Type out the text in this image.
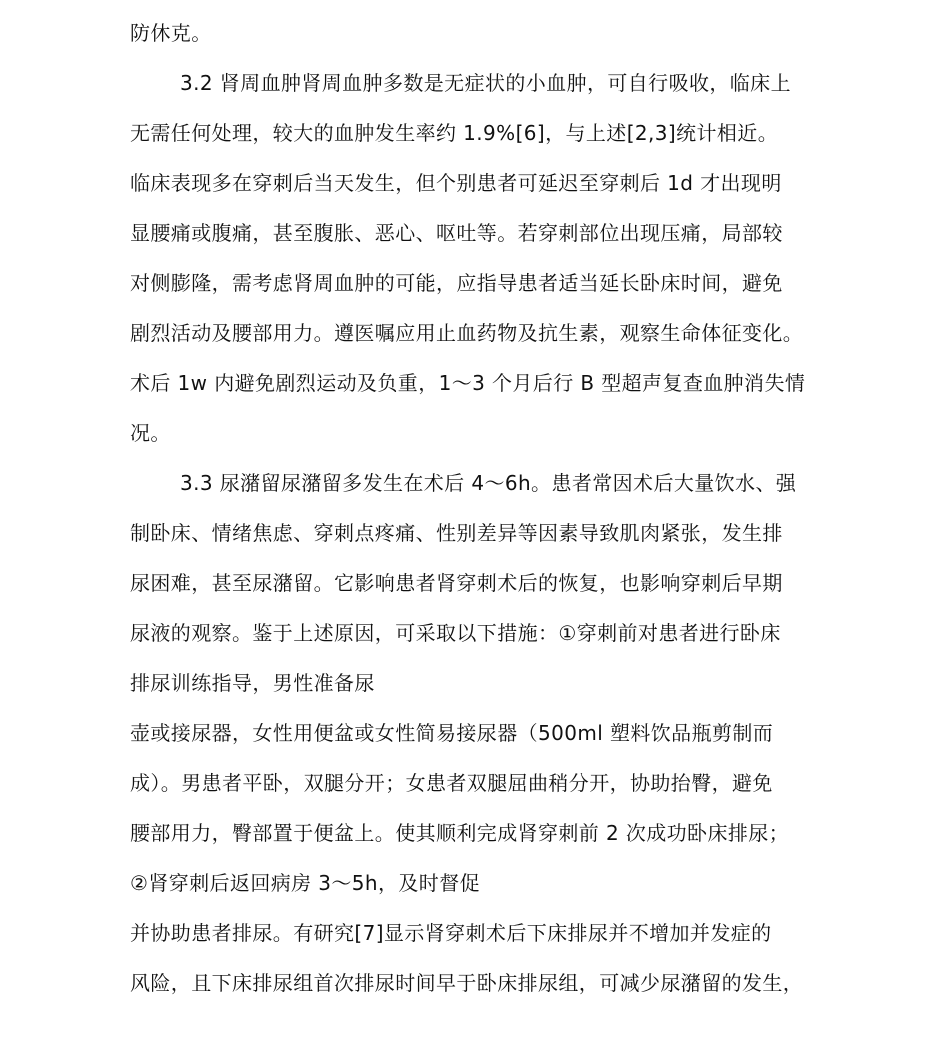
防休克。
3.2 肾周血肿肾周血肿多数是无症状的小血肿，可自行吸收，临床上
无需任何处理，较大的血肿发生率约 1.9%[6]，与上述[2,3]统计相近。
临床表现多在穿刺后当天发生，但个别患者可延迟至穿刺后 1d 才出现明
显腰痛或腹痛，甚至腹胀、恶心、呕吐等。若穿刺部位出现压痛，局部较
对侧膨隆，需考虑肾周血肿的可能，应指导患者适当延长卧床时间，避免
剧烈活动及腰部用力。遵医嘱应用止血药物及抗生素，观察生命体征变化。
术后 1w 内避免剧烈运动及负重，1～3 个月后行 B 型超声复查血肿消失情
况。
3.3 尿潴留尿潴留多发生在术后 4～6h。患者常因术后大量饮水、强
制卧床、情绪焦虑、穿刺点疼痛、性别差异等因素导致肌肉紧张，发生排
尿困难，甚至尿潴留。它影响患者肾穿刺术后的恢复，也影响穿刺后早期
尿液的观察。鉴于上述原因，可采取以下措施：①穿刺前对患者进行卧床
排尿训练指导，男性准备尿
壶或接尿器，女性用便盆或女性简易接尿器（500ml 塑料饮品瓶剪制而
成）。男患者平卧，双腿分开；女患者双腿屈曲稍分开，协助抬臀，避免
腰部用力，臀部置于便盆上。使其顺利完成肾穿刺前 2 次成功卧床排尿；
②肾穿刺后返回病房 3～5h，及时督促
并协助患者排尿。有研究[7]显示肾穿刺术后下床排尿并不增加并发症的
风险，且下床排尿组首次排尿时间早于卧床排尿组，可减少尿潴留的发生，
